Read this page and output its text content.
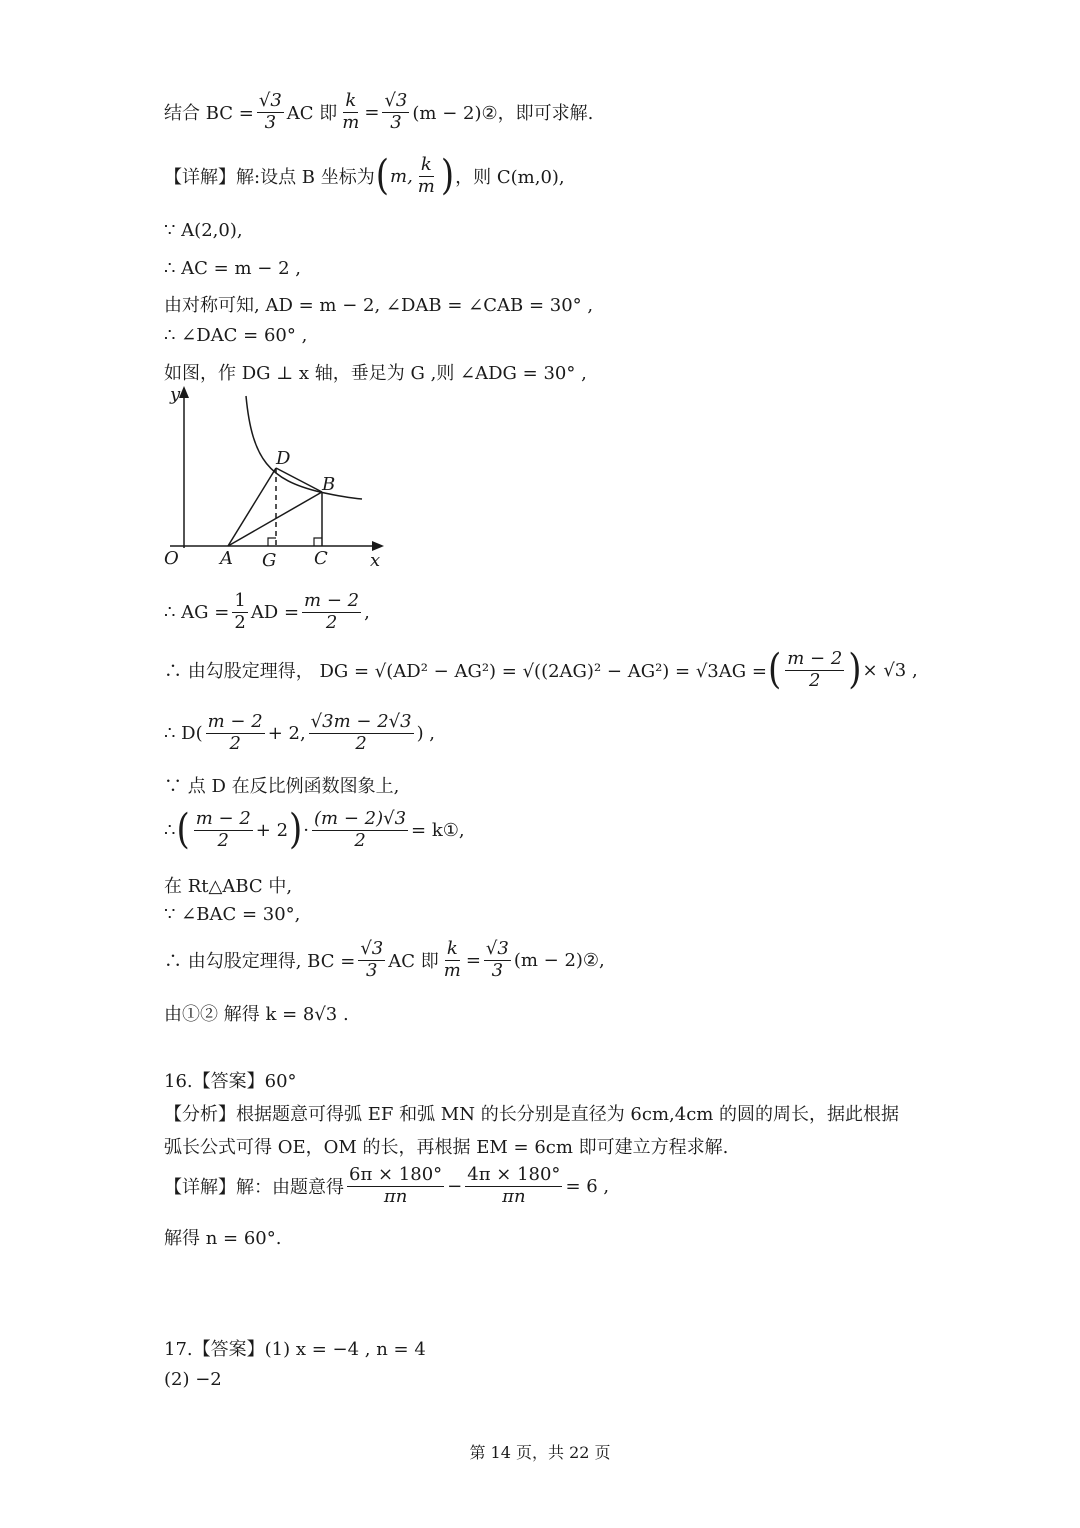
结合 BC = $\frac{√3}{3}$ AC 即 $\frac{k}{m} = \frac{√3}{3} (m$ − 2)②，即可求解.
【详解】解:设点 B 坐标为 ( m, $\frac{k}{m}$ ) ，则 C(m,0),
∵ A(2,0),
∴ AC = m − 2 ,
由对称可知, AD = m − 2, ∠DAB = ∠CAB = 30° ,
∴ ∠DAC = 60° ,
如图，作 DG ⊥ x 轴，垂足为 G ,则 ∠ADG = 30° ,
y
x
O A G C
D
B
∴ AG = $\frac{1}{2}$ AD = $\frac{m - 2}{2}$ ,
∴ 由勾股定理得， DG = √(AD² − AG²) = √((2AG)² − AG²) = √3AG = ( $\frac{m - 2}{2}$ ) × √3 ,
∴ $D( \frac{m - 2}{2} + 2$, $\frac{√3m - 2√3}{2}$ ) ,
∵ 点 D 在反比例函数图象上,
∴ ( $\frac{m - 2}{2} + 2$ ) · $\frac{(m - 2)√3}{2}$ = k①,
在 Rt△ABC 中,
∵ ∠BAC = 30°,
∴ 由勾股定理得, BC = $\frac{√3}{3}$ AC 即 $\frac{k}{m} = \frac{√3}{3} (m$ − 2)②,
由①② 解得 k = 8√3 .
16.【答案】60°
【分析】根据题意可得弧 EF 和弧 MN 的长分别是直径为 6cm,4cm 的圆的周长，据此根据
弧长公式可得 OE，OM 的长，再根据 EM = 6cm 即可建立方程求解.
【详解】解：由题意得 $\frac{6\pi \times 180^\circ}{\pi n} - \frac{4\pi \times 180^\circ}{\pi n} = 6$ ,
解得 n = 60°.
17.【答案】(1) x = −4 , n = 4
(2) −2
第 14 页，共 22 页
